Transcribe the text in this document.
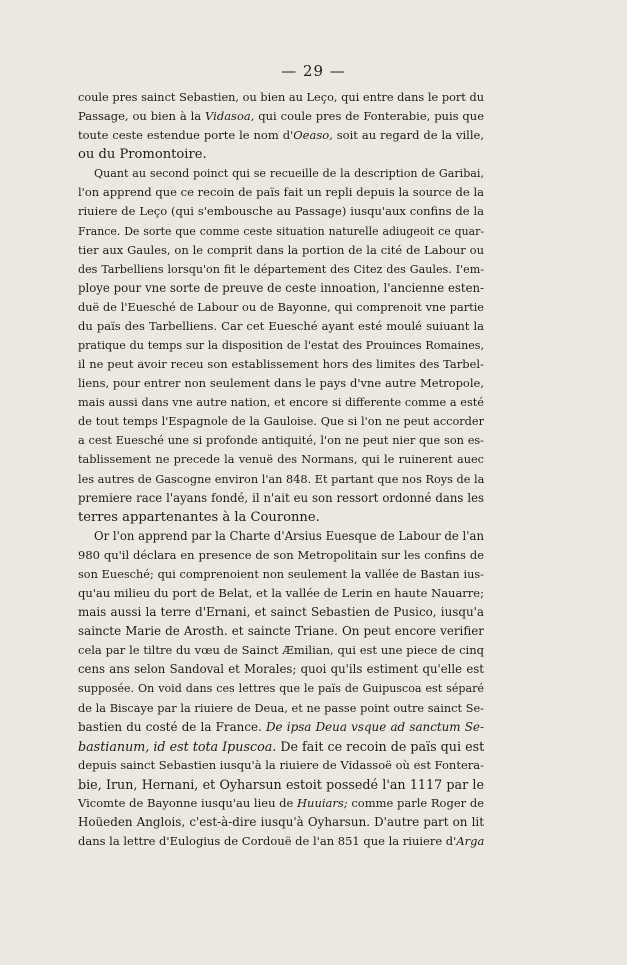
— 29 —
coule pres sainct Sebastien, ou bien au Leço, qui entre dans le port du
Passage, ou bien à la Vidasoa, qui coule pres de Fonterabie, puis que
toute ceste estendue porte le nom d'Oeaso, soit au regard de la ville,
ou du Promontoire.
Quant au second poinct qui se recueille de la description de Garibai,
l'on apprend que ce recoin de païs fait un repli depuis la source de la
riuiere de Leço (qui s'embousche au Passage) iusqu'aux confins de la
France. De sorte que comme ceste situation naturelle adiugeoit ce quar-
tier aux Gaules, on le comprit dans la portion de la cité de Labour ou
des Tarbelliens lorsqu'on fit le département des Citez des Gaules. I'em-
ploye pour vne sorte de preuve de ceste innoation, l'ancienne esten-
duë de l'Euesché de Labour ou de Bayonne, qui comprenoit vne partie
du païs des Tarbelliens. Car cet Euesché ayant esté moulé suiuant la
pratique du temps sur la disposition de l'estat des Prouinces Romaines,
il ne peut avoir receu son establissement hors des limites des Tarbel-
liens, pour entrer non seulement dans le pays d'vne autre Metropole,
mais aussi dans vne autre nation, et encore si differente comme a esté
de tout temps l'Espagnole de la Gauloise. Que si l'on ne peut accorder
a cest Euesché une si profonde antiquité, l'on ne peut nier que son es-
tablissement ne precede la venuë des Normans, qui le ruinerent auec
les autres de Gascogne environ l'an 848. Et partant que nos Roys de la
premiere race l'ayans fondé, il n'ait eu son ressort ordonné dans les
terres appartenantes à la Couronne.
Or l'on apprend par la Charte d'Arsius Euesque de Labour de l'an
980 qu'il déclara en presence de son Metropolitain sur les confins de
son Euesché; qui comprenoient non seulement la vallée de Bastan ius-
qu'au milieu du port de Belat, et la vallée de Lerin en haute Nauarre;
mais aussi la terre d'Ernani, et sainct Sebastien de Pusico, iusqu'a
saincte Marie de Arosth. et saincte Triane. On peut encore verifier
cela par le tiltre du vœu de Sainct Æmilian, qui est une piece de cinq
cens ans selon Sandoval et Morales; quoi qu'ils estiment qu'elle est
supposée. On void dans ces lettres que le païs de Guipuscoa est séparé
de la Biscaye par la riuiere de Deua, et ne passe point outre sainct Se-
bastien du costé de la France. De ipsa Deua vsque ad sanctum Se-
bastianum, id est tota Ipuscoa. De fait ce recoin de païs qui est
depuis sainct Sebastien iusqu'à la riuiere de Vidassoë où est Fontera-
bie, Irun, Hernani, et Oyharsun estoit possedé l'an 1117 par le
Vicomte de Bayonne iusqu'au lieu de Huuiars; comme parle Roger de
Hoüeden Anglois, c'est-à-dire iusqu'à Oyharsun. D'autre part on lit
dans la lettre d'Eulogius de Cordouë de l'an 851 que la riuiere d'Arga
